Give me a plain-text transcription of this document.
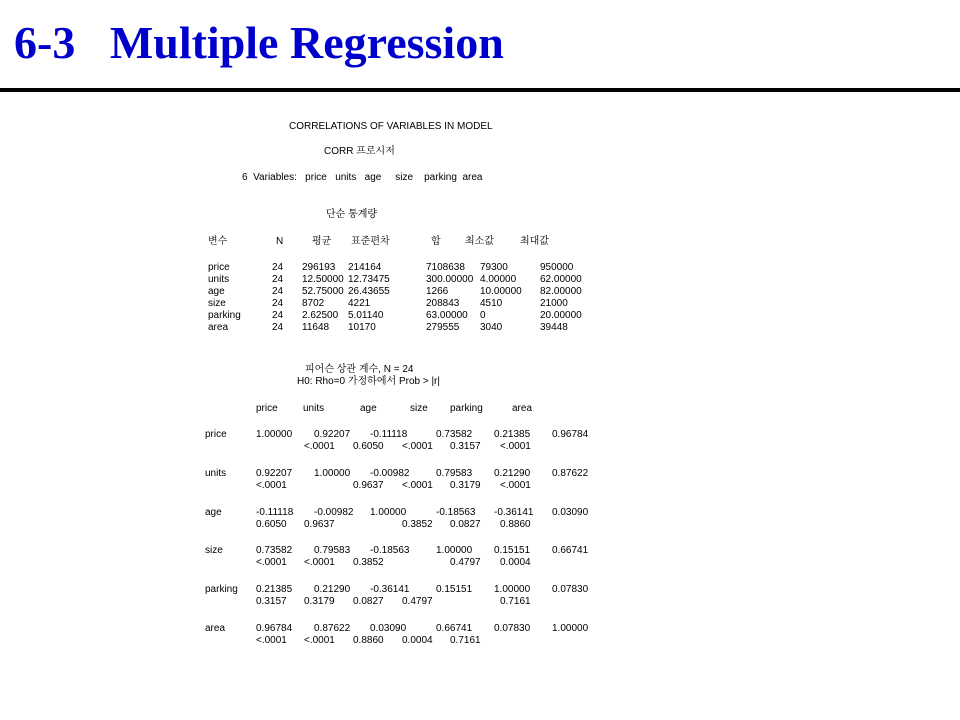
6-3   Multiple Regression
CORRELATIONS OF VARIABLES IN MODEL
CORR 프로시저
6  Variables:   price   units   age     size    parking  area
단순 통계량
변수	N	평균 표준편차	합 최소값	최대값
price	24 296193 214164	7108638 79300	950000
units	24 12.50000 12.73475	300.00000 4.00000 62.00000
age	24 52.75000 26.43655	1266	10.00000 82.00000
size	24 8702 4221	208843 4510	21000
parking	24 2.62500 5.01140	63.00000 0	20.00000
area	24 11648 10170	279555 3040	39448
피어슨 상관 계수, N = 24
H0: Rho=0 가정하에서 Prob > |r|
price	units	age	size parking	area
price	1.00000 0.92207 -0.11118	0.73582 0.21385 0.96784
<.0001 0.6050 <.0001 0.3157 <.0001
units	0.92207 1.00000 -0.00982	0.79583 0.21290 0.87622
<.0001	0.9637 <.0001 0.3179 <.0001
age	-0.11118 -0.00982 1.00000	-0.18563 -0.36141 0.03090
0.6050 0.9637	0.3852 0.0827 0.8860
size	0.73582 0.79583 -0.18563	1.00000 0.15151 0.66741
<.0001 <.0001 0.3852	0.4797 0.0004
parking 0.21385 0.21290 -0.36141	0.15151 1.00000 0.07830
0.3157 0.3179 0.0827 0.4797	0.7161
area	0.96784 0.87622 0.03090	0.66741 0.07830 1.00000
<.0001 <.0001 0.8860 0.0004 0.7161
